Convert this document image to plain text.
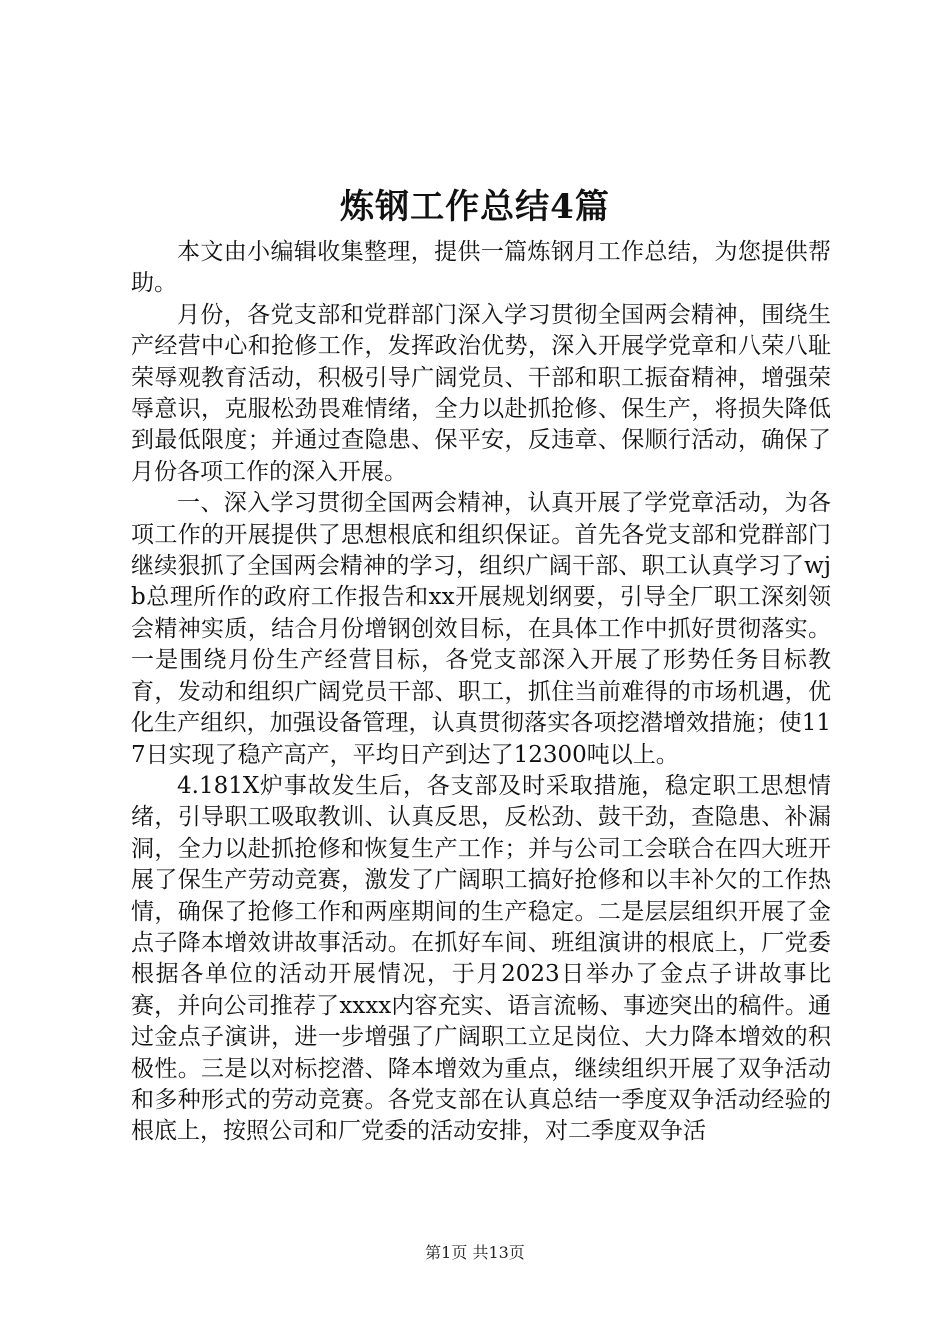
炼钢工作总结4篇

本文由小编辑收集整理，提供一篇炼钢月工作总结，为您提供帮助。

月份，各党支部和党群部门深入学习贯彻全国两会精神，围绕生产经营中心和抢修工作，发挥政治优势，深入开展学党章和八荣八耻荣辱观教育活动，积极引导广阔党员、干部和职工振奋精神，增强荣辱意识，克服松劲畏难情绪，全力以赴抓抢修、保生产，将损失降低到最低限度；并通过查隐患、保平安，反违章、保顺行活动，确保了月份各项工作的深入开展。

一、深入学习贯彻全国两会精神，认真开展了学党章活动，为各项工作的开展提供了思想根底和组织保证。首先各党支部和党群部门继续狠抓了全国两会精神的学习，组织广阔干部、职工认真学习了wjb总理所作的政府工作报告和xx开展规划纲要，引导全厂职工深刻领会精神实质，结合月份增钢创效目标，在具体工作中抓好贯彻落实。一是围绕月份生产经营目标，各党支部深入开展了形势任务目标教育，发动和组织广阔党员干部、职工，抓住当前难得的市场机遇，优化生产组织，加强设备管理，认真贯彻落实各项挖潜增效措施；使117日实现了稳产高产，平均日产到达了12300吨以上。

4.181X炉事故发生后，各支部及时采取措施，稳定职工思想情绪，引导职工吸取教训、认真反思，反松劲、鼓干劲，查隐患、补漏洞，全力以赴抓抢修和恢复生产工作；并与公司工会联合在四大班开展了保生产劳动竞赛，激发了广阔职工搞好抢修和以丰补欠的工作热情，确保了抢修工作和两座期间的生产稳定。二是层层组织开展了金点子降本增效讲故事活动。在抓好车间、班组演讲的根底上，厂党委根据各单位的活动开展情况，于月2023日举办了金点子讲故事比赛，并向公司推荐了xxxx内容充实、语言流畅、事迹突出的稿件。通过金点子演讲，进一步增强了广阔职工立足岗位、大力降本增效的积极性。三是以对标挖潜、降本增效为重点，继续组织开展了双争活动和多种形式的劳动竞赛。各党支部在认真总结一季度双争活动经验的根底上，按照公司和厂党委的活动安排，对二季度双争活

第1页 共13页
